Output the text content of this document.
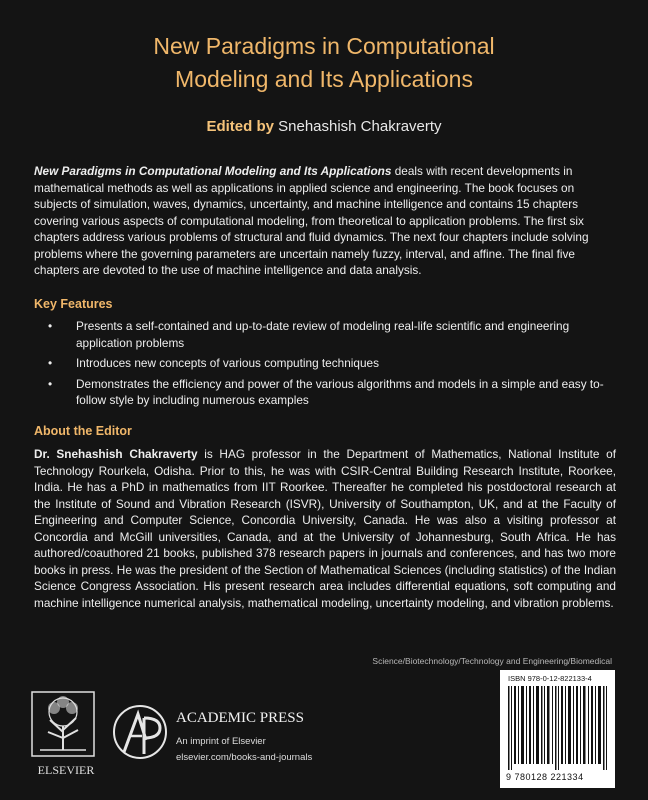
New Paradigms in Computational
Modeling and Its Applications
Edited by Snehashish Chakraverty
New Paradigms in Computational Modeling and Its Applications deals with recent developments in mathematical methods as well as applications in applied science and engineering. The book focuses on subjects of simulation, waves, dynamics, uncertainty, and machine intelligence and contains 15 chapters covering various aspects of computational modeling, from theoretical to application problems. The first six chapters address various problems of structural and fluid dynamics. The next four chapters include solving problems where the governing parameters are uncertain namely fuzzy, interval, and affine. The final five chapters are devoted to the use of machine intelligence and data analysis.
Key Features
• Presents a self-contained and up-to-date review of modeling real-life scientific and engineering application problems
• Introduces new concepts of various computing techniques
• Demonstrates the efficiency and power of the various algorithms and models in a simple and easy to-follow style by including numerous examples
About the Editor
Dr. Snehashish Chakraverty is HAG professor in the Department of Mathematics, National Institute of Technology Rourkela, Odisha. Prior to this, he was with CSIR-Central Building Research Institute, Roorkee, India. He has a PhD in mathematics from IIT Roorkee. Thereafter he completed his postdoctoral research at the Institute of Sound and Vibration Research (ISVR), University of Southampton, UK, and at the Faculty of Engineering and Computer Science, Concordia University, Canada. He was also a visiting professor at Concordia and McGill universities, Canada, and at the University of Johannesburg, South Africa. He has authored/coauthored 21 books, published 378 research papers in journals and conferences, and has two more books in press. He was the president of the Section of Mathematical Sciences (including statistics) of the Indian Science Congress Association. His present research area includes differential equations, soft computing and machine intelligence numerical analysis, mathematical modeling, uncertainty modeling, and vibration problems.
Science/Biotechnology/Technology and Engineering/Biomedical
ELSEVIER
ACADEMIC PRESS
An imprint of Elsevier
elsevier.com/books-and-journals
ISBN 978-0-12-822133-4
9 780128 221334
